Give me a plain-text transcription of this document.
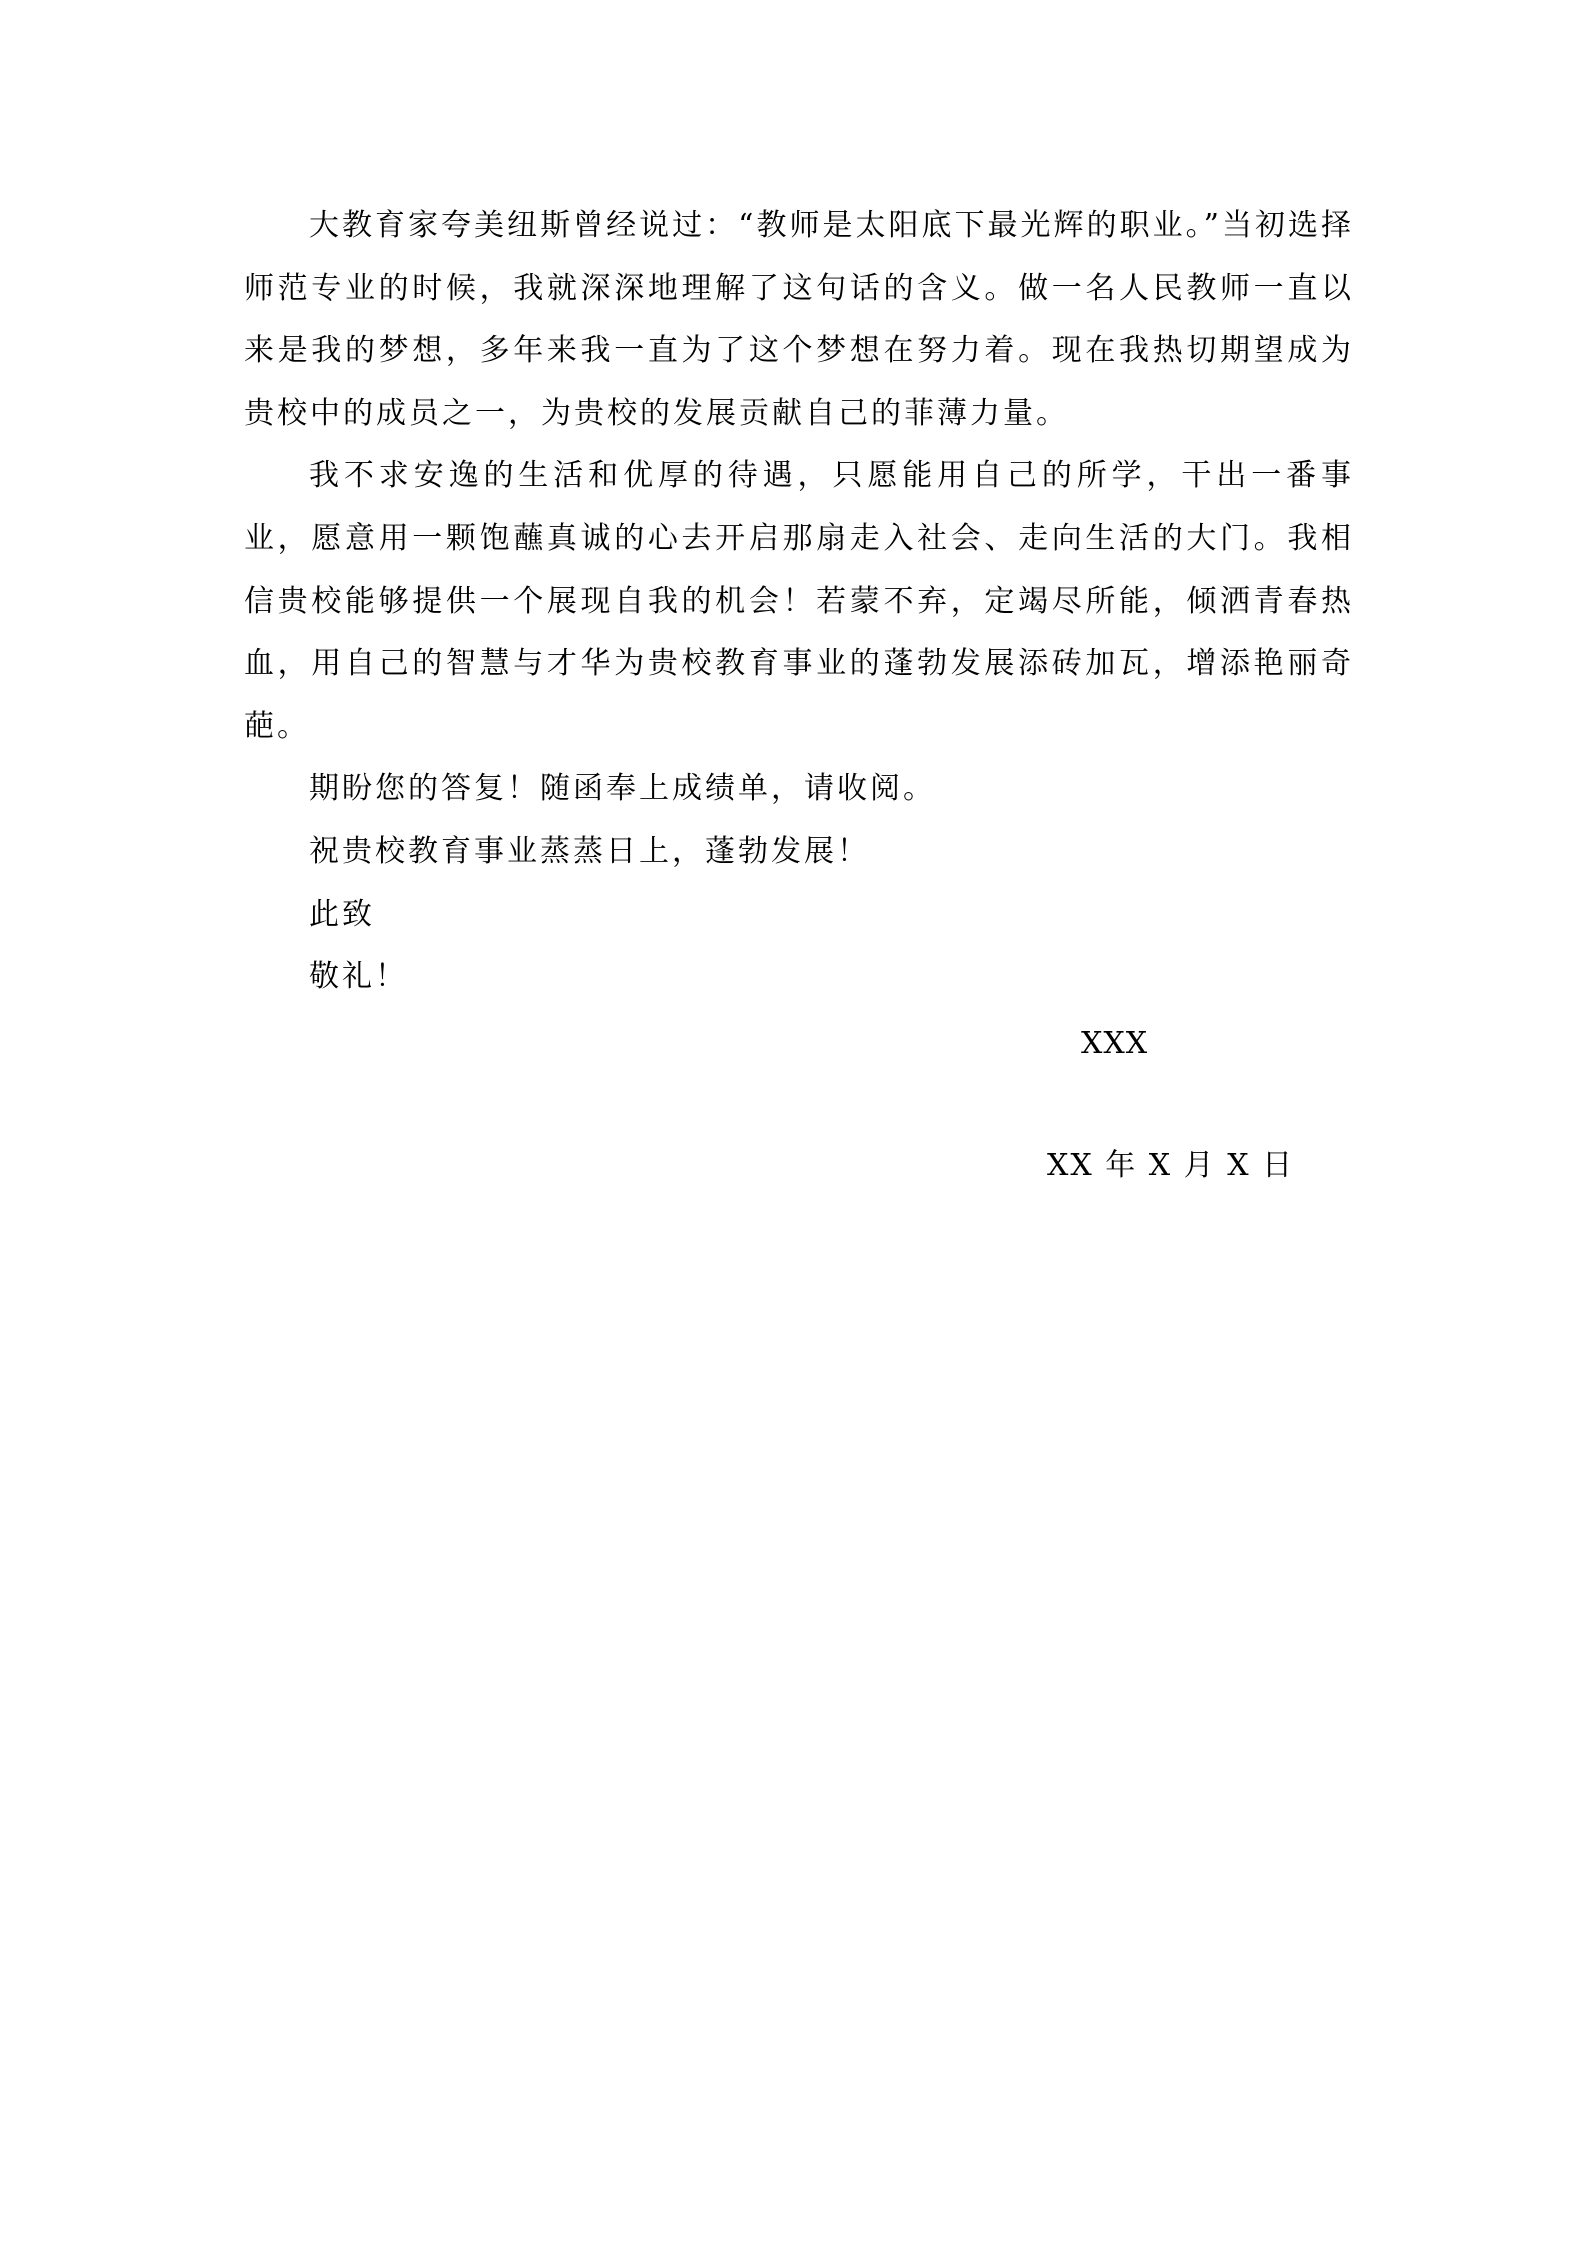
大教育家夸美纽斯曾经说过：“教师是太阳底下最光辉的职业。”当初选择师范专业的时候，我就深深地理解了这句话的含义。做一名人民教师一直以来是我的梦想，多年来我一直为了这个梦想在努力着。现在我热切期望成为贵校中的成员之一，为贵校的发展贡献自己的菲薄力量。

我不求安逸的生活和优厚的待遇，只愿能用自己的所学，干出一番事业，愿意用一颗饱蘸真诚的心去开启那扇走入社会、走向生活的大门。我相信贵校能够提供一个展现自我的机会！若蒙不弃，定竭尽所能，倾洒青春热血，用自己的智慧与才华为贵校教育事业的蓬勃发展添砖加瓦，增添艳丽奇葩。

期盼您的答复！随函奉上成绩单，请收阅。

祝贵校教育事业蒸蒸日上，蓬勃发展！

此致

敬礼！

XXX
XX 年 X 月 X 日
